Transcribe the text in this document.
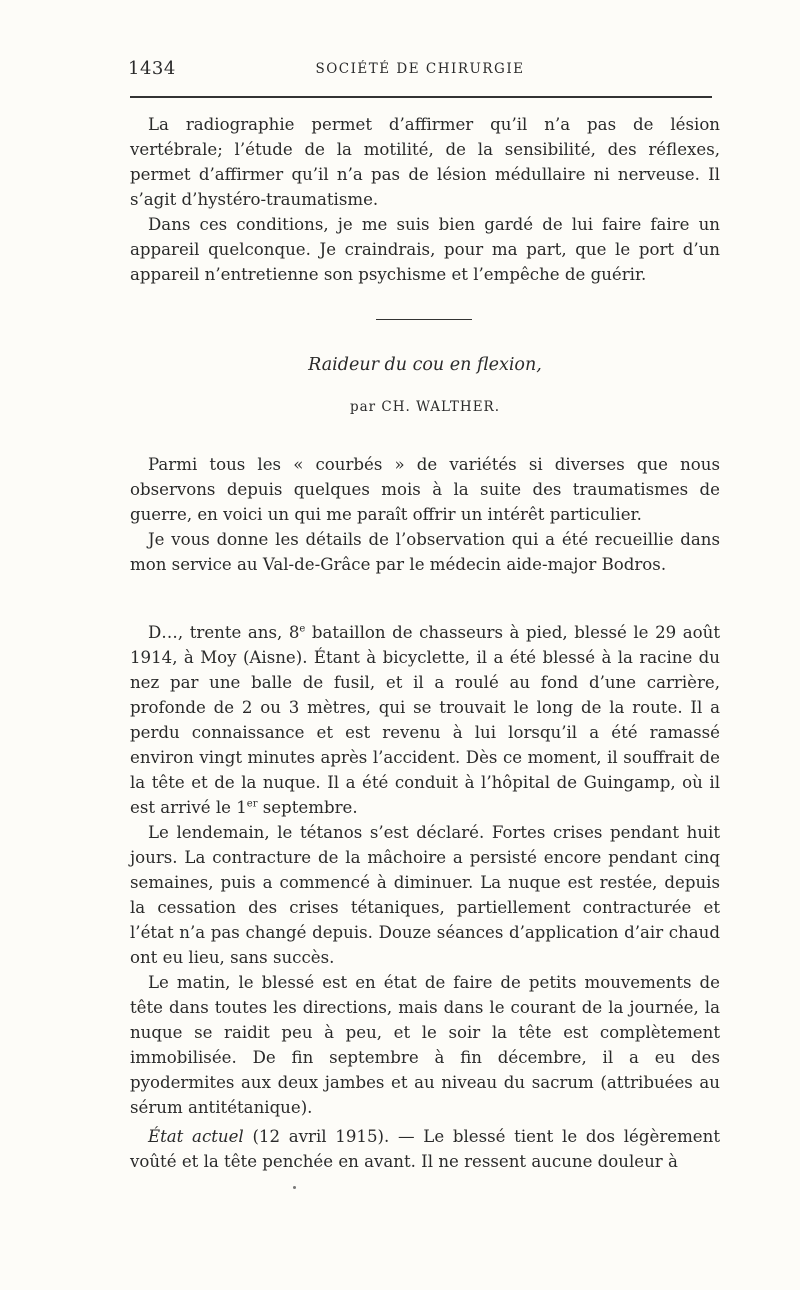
1434	SOCIÉTÉ DE CHIRURGIE

La radiographie permet d’affirmer qu’il n’a pas de lésion vertébrale; l’étude de la motilité, de la sensibilité, des réflexes, permet d’affirmer qu’il n’a pas de lésion médullaire ni nerveuse. Il s’agit d’hystéro-traumatisme.

Dans ces conditions, je me suis bien gardé de lui faire faire un appareil quelconque. Je craindrais, pour ma part, que le port d’un appareil n’entretienne son psychisme et l’empêche de guérir.

Raideur du cou en flexion,
par CH. WALTHER.

Parmi tous les « courbés » de variétés si diverses que nous observons depuis quelques mois à la suite des traumatismes de guerre, en voici un qui me paraît offrir un intérêt particulier.

Je vous donne les détails de l’observation qui a été recueillie dans mon service au Val-de-Grâce par le médecin aide-major Bodros.

D…, trente ans, 8e bataillon de chasseurs à pied, blessé le 29 août 1914, à Moy (Aisne). Étant à bicyclette, il a été blessé à la racine du nez par une balle de fusil, et il a roulé au fond d’une carrière, profonde de 2 ou 3 mètres, qui se trouvait le long de la route. Il a perdu connaissance et est revenu à lui lorsqu’il a été ramassé environ vingt minutes après l’accident. Dès ce moment, il souffrait de la tête et de la nuque. Il a été conduit à l’hôpital de Guingamp, où il est arrivé le 1er septembre.

Le lendemain, le tétanos s’est déclaré. Fortes crises pendant huit jours. La contracture de la mâchoire a persisté encore pendant cinq semaines, puis a commencé à diminuer. La nuque est restée, depuis la cessation des crises tétaniques, partiellement contracturée et l’état n’a pas changé depuis. Douze séances d’application d’air chaud ont eu lieu, sans succès.

Le matin, le blessé est en état de faire de petits mouvements de tête dans toutes les directions, mais dans le courant de la journée, la nuque se raidit peu à peu, et le soir la tête est complètement immobilisée. De fin septembre à fin décembre, il a eu des pyodermites aux deux jambes et au niveau du sacrum (attribuées au sérum antitétanique).

État actuel (12 avril 1915). — Le blessé tient le dos légèrement voûté et la tête penchée en avant. Il ne ressent aucune douleur à
